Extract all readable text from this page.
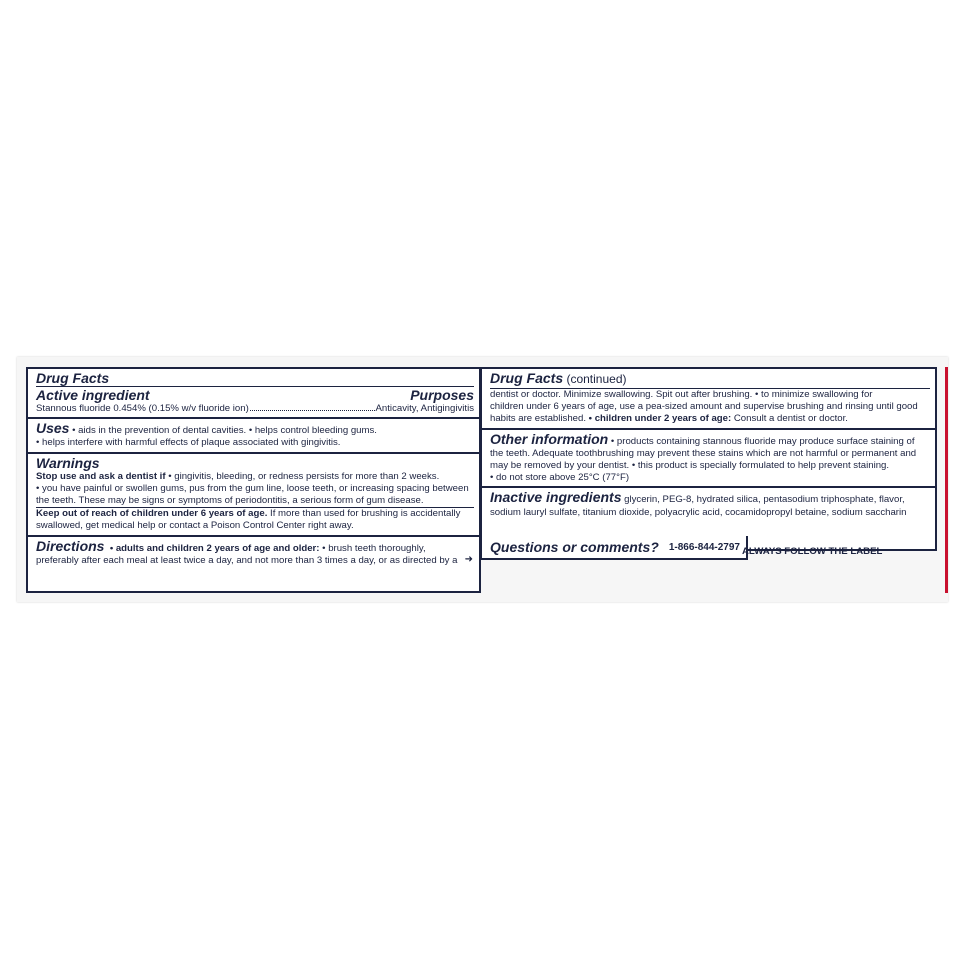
Drug Facts
Active ingredient	Purposes
Stannous fluoride 0.454% (0.15% w/v fluoride ion)	Anticavity, Antigingivitis
Uses • aids in the prevention of dental cavities. • helps control bleeding gums.
• helps interfere with harmful effects of plaque associated with gingivitis.
Warnings
Stop use and ask a dentist if • gingivitis, bleeding, or redness persists for more than 2 weeks.
• you have painful or swollen gums, pus from the gum line, loose teeth, or increasing spacing between
the teeth. These may be signs or symptoms of periodontitis, a serious form of gum disease.
Keep out of reach of children under 6 years of age. If more than used for brushing is accidentally
swallowed, get medical help or contact a Poison Control Center right away.
Directions • adults and children 2 years of age and older: • brush teeth thoroughly,
preferably after each meal at least twice a day, and not more than 3 times a day, or as directed by a ➜
Drug Facts (continued)
dentist or doctor. Minimize swallowing. Spit out after brushing. • to minimize swallowing for
children under 6 years of age, use a pea-sized amount and supervise brushing and rinsing until good
habits are established. • children under 2 years of age: Consult a dentist or doctor.
Other information • products containing stannous fluoride may produce surface staining of
the teeth. Adequate toothbrushing may prevent these stains which are not harmful or permanent and
may be removed by your dentist. • this product is specially formulated to help prevent staining.
• do not store above 25°C (77°F)
Inactive ingredients glycerin, PEG-8, hydrated silica, pentasodium triphosphate, flavor,
sodium lauryl sulfate, titanium dioxide, polyacrylic acid, cocamidopropyl betaine, sodium saccharin
Questions or comments? 1-866-844-2797 ALWAYS FOLLOW THE LABEL
